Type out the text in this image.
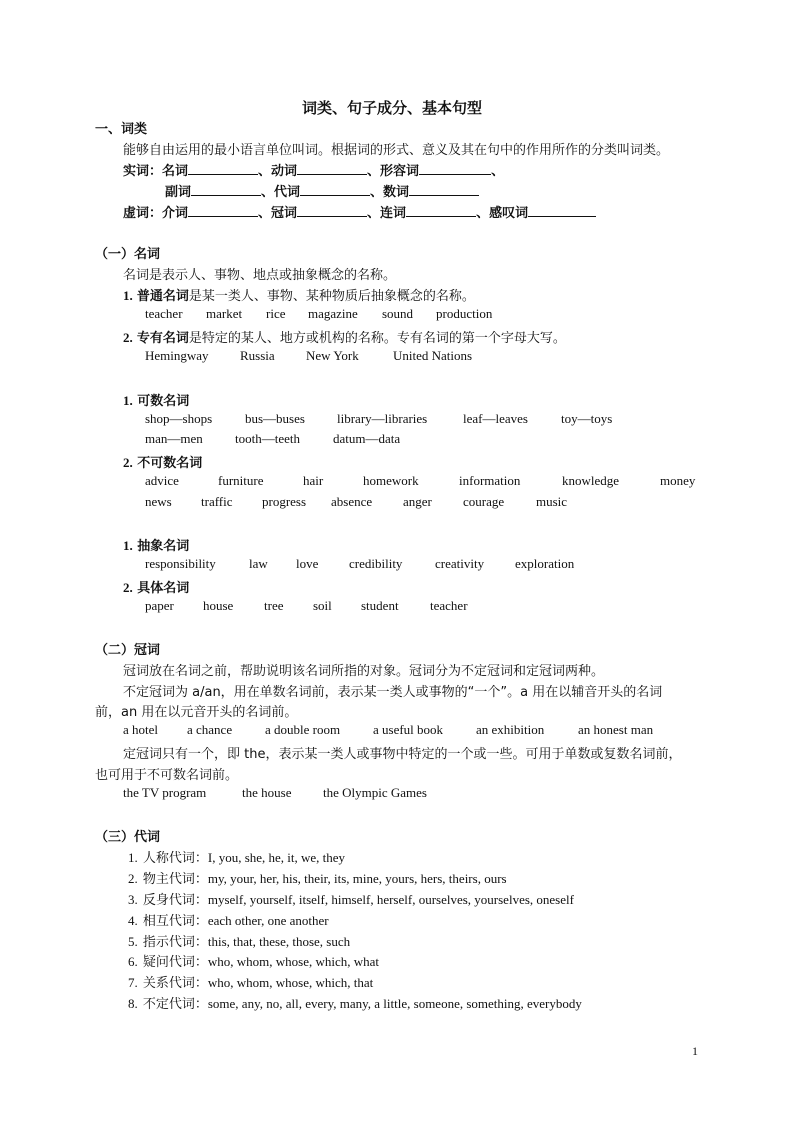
词类、句子成分、基本句型
一、词类
能够自由运用的最小语言单位叫词。根据词的形式、意义及其在句中的作用所作的分类叫词类。
实词：名词	、动词	、形容词	、
副词	、代词	、数词
虚词：介词	、冠词	、连词	、感叹词
（一）名词
名词是表示人、事物、地点或抽象概念的名称。
1. 普通名词是某一类人、事物、某种物质后抽象概念的名称。
teacher market rice magazine sound production
2. 专有名词是特定的某人、地方或机构的名称。专有名词的第一个字母大写。
Hemingway Russia New York	United Nations
1. 可数名词
shop—shops	bus—buses library—libraries	leaf—leaves	toy—toys
man—men tooth—teeth	datum—data
2. 不可数名词
advice	furniture	hair	homework	information	knowledge	money
news traffic progress absence anger courage music
1. 抽象名词
responsibility	law love credibility	creativity exploration
2. 具体名词
paper house tree soil student teacher
（二）冠词
冠词放在名词之前，帮助说明该名词所指的对象。冠词分为不定冠词和定冠词两种。
不定冠词为 a/an，用在单数名词前，表示某一类人或事物的“一个”。a 用在以辅音开头的名词
前，an 用在以元音开头的名词前。
a hotel a chance	a double room	a useful book	an exhibition	an honest man
定冠词只有一个，即 the，表示某一类人或事物中特定的一个或一些。可用于单数或复数名词前，
也可用于不可数名词前。
the TV program	the house the Olympic Games
（三）代词
1. 人称代词：I, you, she, he, it, we, they
2. 物主代词：my, your, her, his, their, its, mine, yours, hers, theirs, ours
3. 反身代词：myself, yourself, itself, himself, herself, ourselves, yourselves, oneself
4. 相互代词：each other, one another
5. 指示代词：this, that, these, those, such
6. 疑问代词：who, whom, whose, which, what
7. 关系代词：who, whom, whose, which, that
8. 不定代词：some, any, no, all, every, many, a little, someone, something, everybody
1
